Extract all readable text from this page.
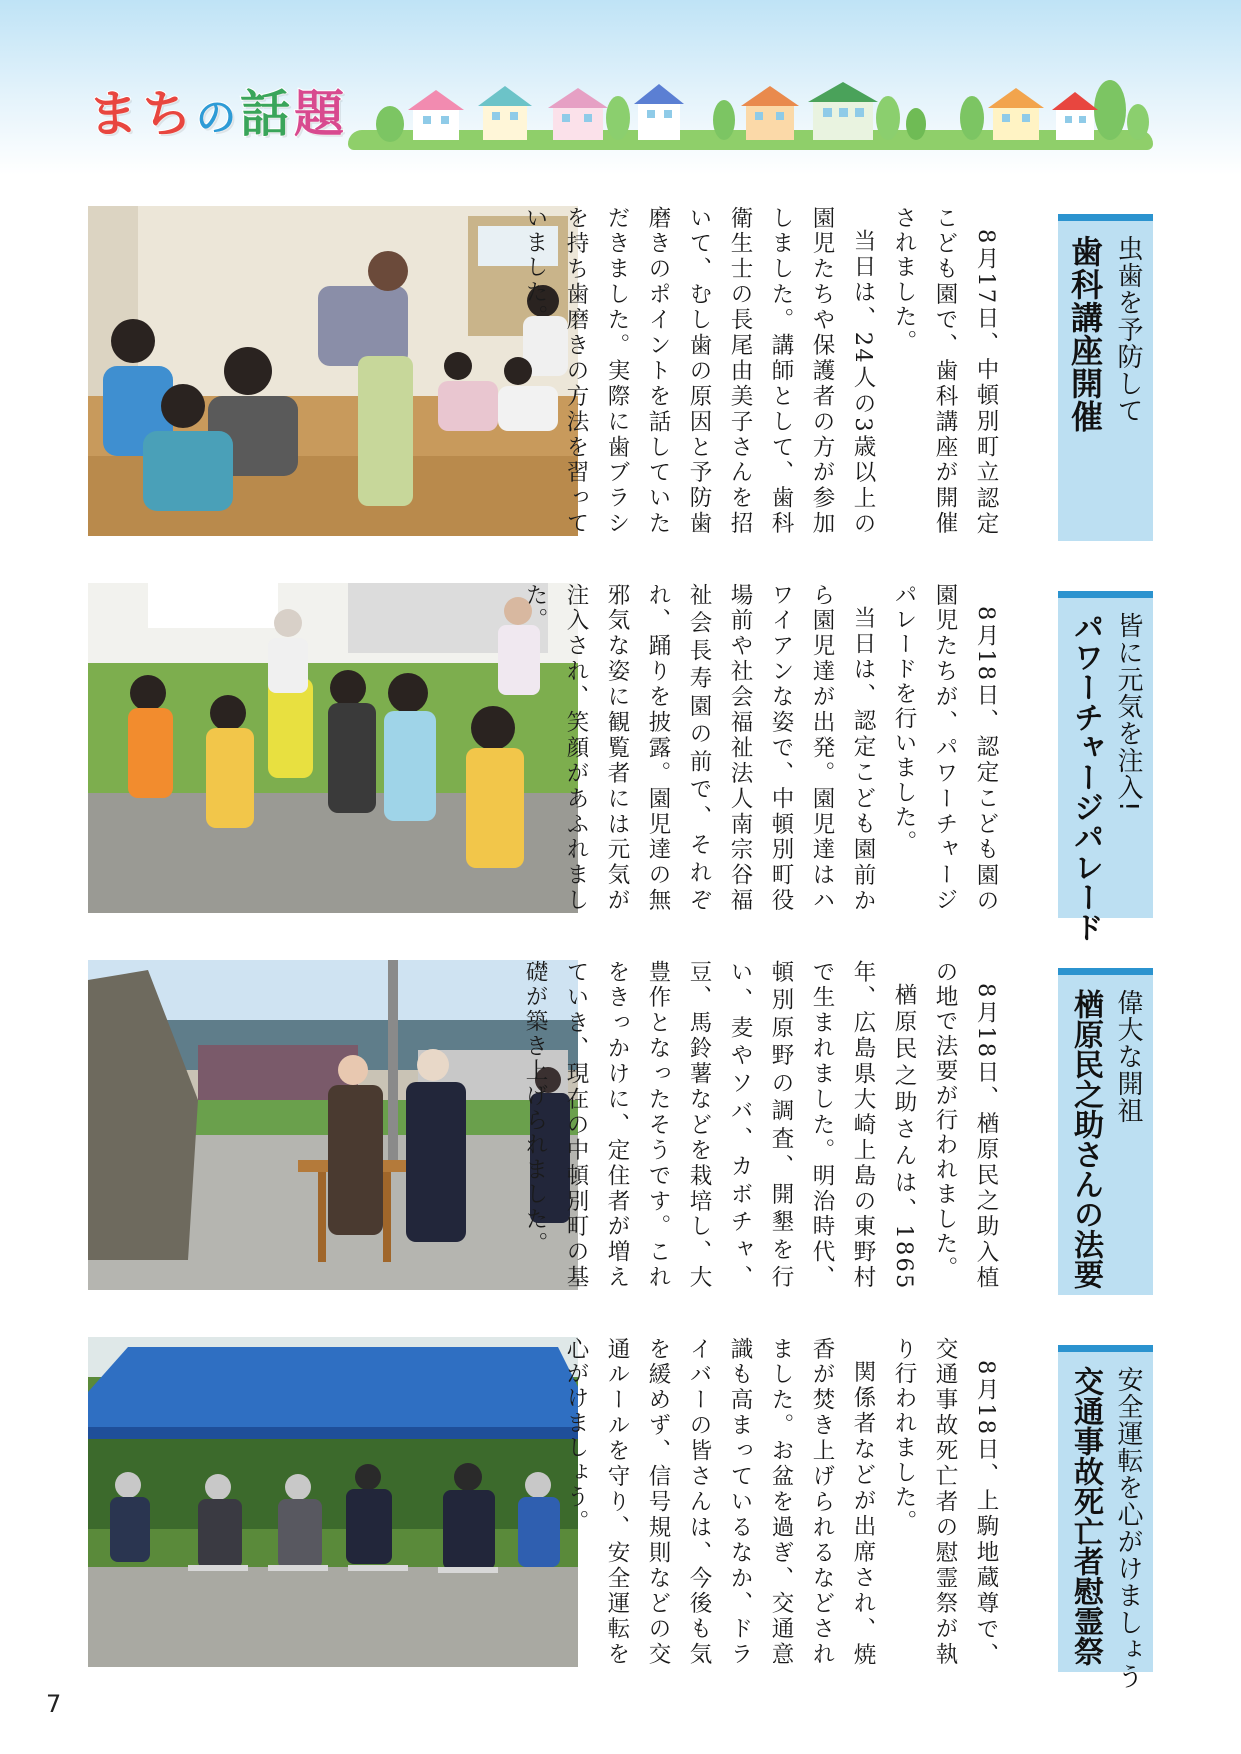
まちの話題

8月17日、中頓別町立認定こども園で、歯科講座が開催されました。

当日は、24人の3歳以上の園児たちや保護者の方が参加しました。講師として、歯科衛生士の長尾由美子さんを招いて、むし歯の原因と予防歯磨きのポイントを話していただきました。実際に歯ブラシを持ち歯磨きの方法を習っていました。	虫歯を予防して
歯科講座開催

8月18日、認定こども園の園児たちが、パワーチャージパレードを行いました。

当日は、認定こども園前から園児達が出発。園児達はハワイアンな姿で、中頓別町役場前や社会福祉法人南宗谷福祉会長寿園の前で、それぞれ、踊りを披露。園児達の無邪気な姿に観覧者には元気が注入され、笑顔があふれました。

皆に元気を注入!
パワーチャージパレード

8月18日、楢原民之助入植の地で法要が行われました。

楢原民之助さんは、1865年、広島県大崎上島の東野村で生まれました。明治時代、頓別原野の調査、開墾を行い、麦やソバ、カボチャ、豆、馬鈴薯などを栽培し、大豊作となったそうです。これをきっかけに、定住者が増えていき、現在の中頓別町の基礎が築き上げられました。	偉大な開祖
楢原民之助さんの法要

8月18日、上駒地蔵尊で、交通事故死亡者の慰霊祭が執り行われました。

関係者などが出席され、焼香が焚き上げられるなどされました。お盆を過ぎ、交通意識も高まっているなか、ドライバーの皆さんは、今後も気を緩めず、信号規則などの交通ルールを守り、安全運転を心がけましょう。	安全運転を心がけましょう
交通事故死亡者慰霊祭
7
